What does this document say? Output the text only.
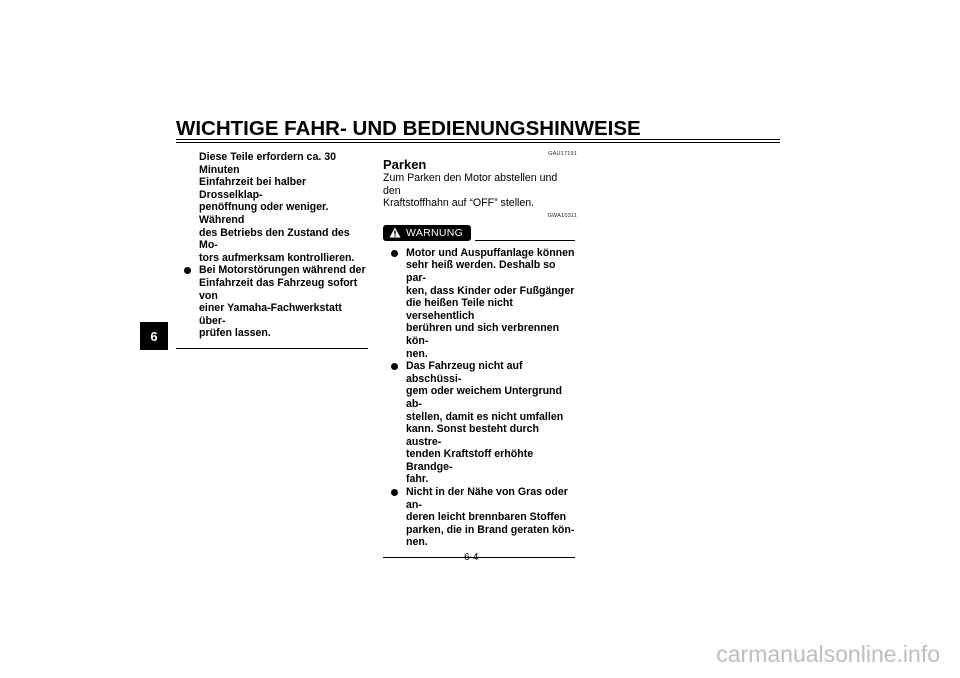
WICHTIGE FAHR- UND BEDIENUNGSHINWEISE
6
Diese Teile erfordern ca. 30 Minuten
Einfahrzeit bei halber Drosselklap-
penöffnung oder weniger. Während
des Betriebs den Zustand des Mo-
tors aufmerksam kontrollieren.
Bei Motorstörungen während der
Einfahrzeit das Fahrzeug sofort von
einer Yamaha-Fachwerkstatt über-
prüfen lassen.
GAU17191
Parken
Zum Parken den Motor abstellen und den
Kraftstoffhahn auf “OFF” stellen.
GWA10311
WARNUNG
Motor und Auspuffanlage können
sehr heiß werden. Deshalb so par-
ken, dass Kinder oder Fußgänger
die heißen Teile nicht versehentlich
berühren und sich verbrennen kön-
nen.
Das Fahrzeug nicht auf abschüssi-
gem oder weichem Untergrund ab-
stellen, damit es nicht umfallen
kann. Sonst besteht durch austre-
tenden Kraftstoff erhöhte Brandge-
fahr.
Nicht in der Nähe von Gras oder an-
deren leicht brennbaren Stoffen
parken, die in Brand geraten kön-
nen.
6-4
carmanualsonline.info
